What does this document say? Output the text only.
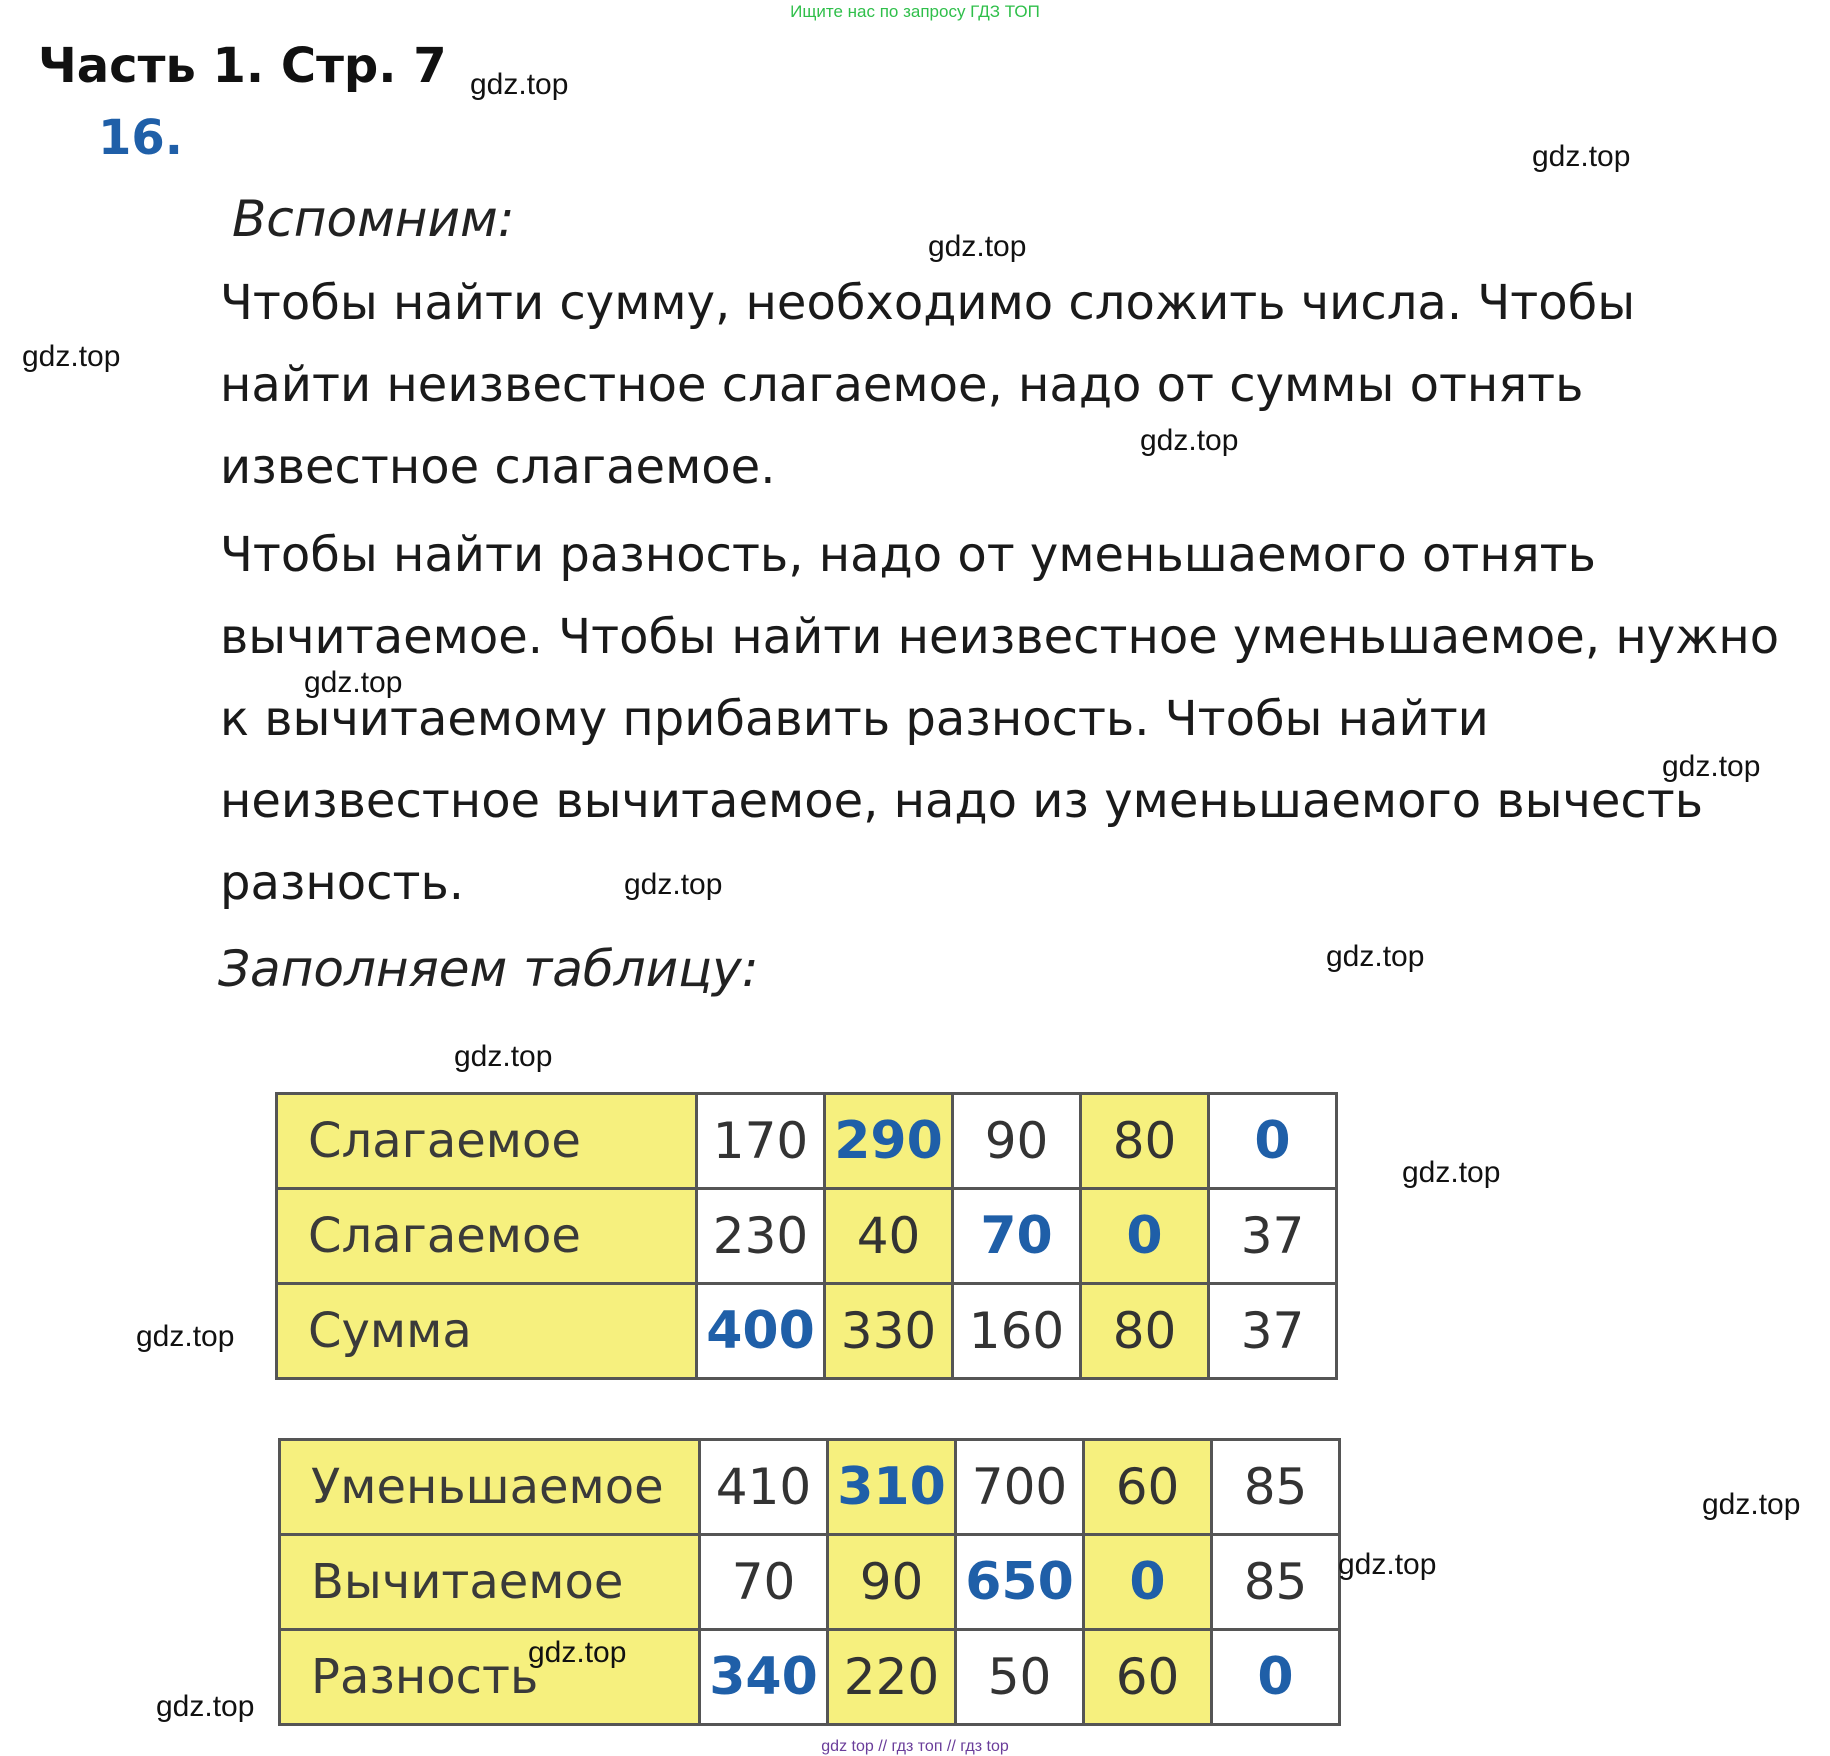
Ищите нас по запросу ГДЗ ТОП
Часть 1. Стр. 7
16.
Вспомним:
Чтобы найти сумму, необходимо сложить числа. Чтобы найти неизвестное слагаемое, надо от суммы отнять известное слагаемое.
Чтобы найти разность, надо от уменьшаемого отнять вычитаемое. Чтобы найти неизвестное уменьшаемое, нужно к вычитаемому прибавить разность. Чтобы найти неизвестное вычитаемое, надо из уменьшаемого вычесть разность.
Заполняем таблицу:
Слагаемое	170	290	90	80	0
Слагаемое	230	40	70	0	37
Сумма	400	330	160	80	37
Уменьшаемое	410	310	700	60	85
Вычитаемое	70	90	650	0	85
Разность	340	220	50	60	0
gdz.top
gdz.top
gdz.top
gdz.top
gdz.top
gdz.top
gdz.top
gdz.top
gdz.top
gdz.top
gdz.top
gdz.top
gdz.top
gdz.top
gdz.top
gdz.top
gdz top // гдз топ // гдз top
